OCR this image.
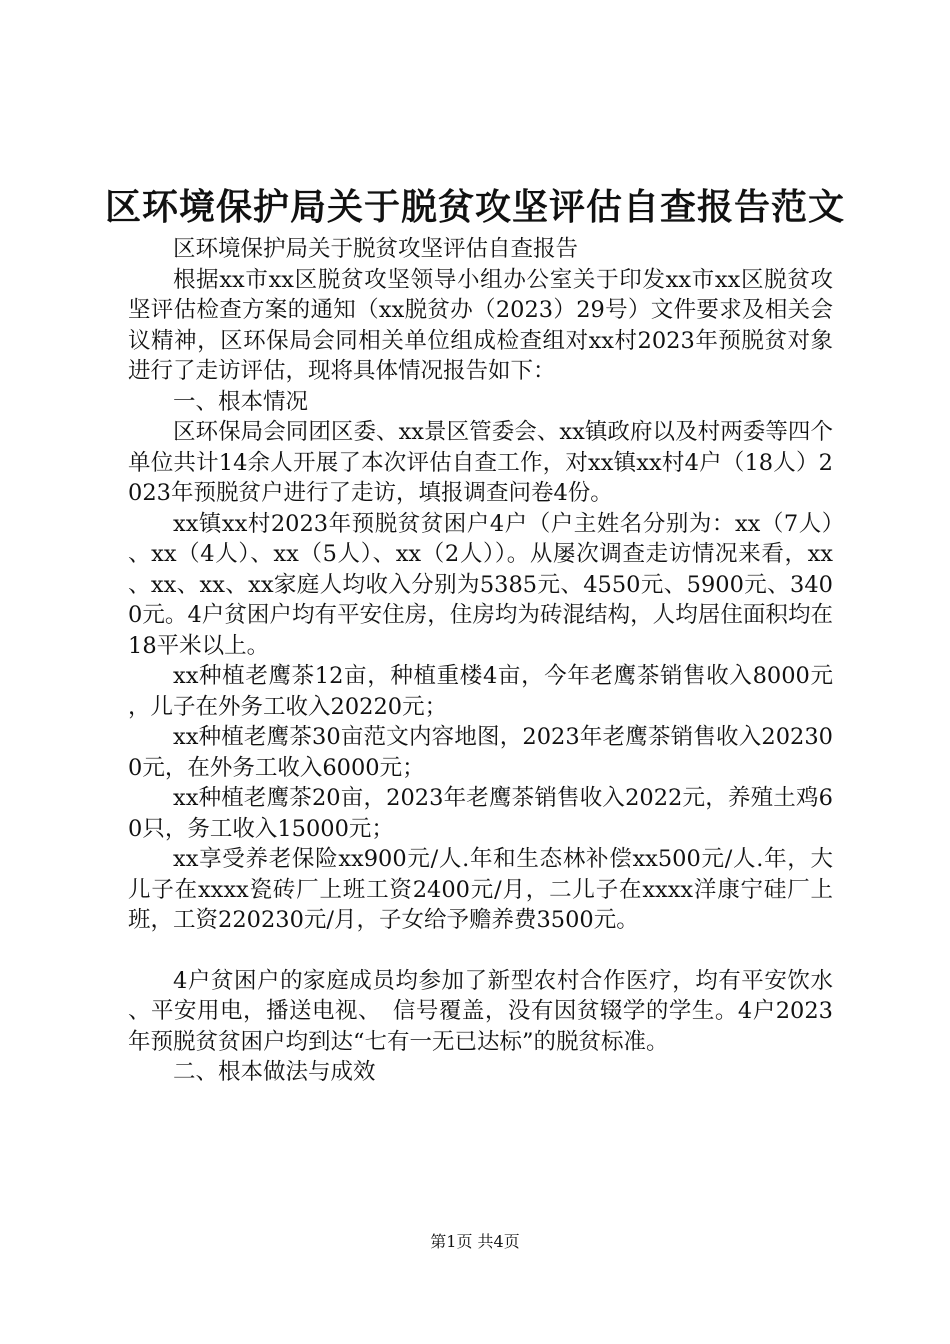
区环境保护局关于脱贫攻坚评估自查报告范文

区环境保护局关于脱贫攻坚评估自查报告

根据xx市xx区脱贫攻坚领导小组办公室关于印发xx市xx区脱贫攻坚评估检查方案的通知（xx脱贫办（2023）29号）文件要求及相关会议精神，区环保局会同相关单位组成检查组对xx村2023年预脱贫对象进行了走访评估，现将具体情况报告如下：

一、根本情况

区环保局会同团区委、xx景区管委会、xx镇政府以及村两委等四个单位共计14余人开展了本次评估自查工作，对xx镇xx村4户（18人）2023年预脱贫户进行了走访，填报调查问卷4份。

xx镇xx村2023年预脱贫贫困户4户（户主姓名分别为：xx（7人）、xx（4人）、xx（5人）、xx（2人））。从屡次调查走访情况来看，xx、xx、xx、xx家庭人均收入分别为5385元、4550元、5900元、3400元。4户贫困户均有平安住房，住房均为砖混结构，人均居住面积均在18平米以上。

xx种植老鹰茶12亩，种植重楼4亩，今年老鹰茶销售收入8000元，儿子在外务工收入20220元；

xx种植老鹰茶30亩范文内容地图，2023年老鹰茶销售收入202300元，在外务工收入6000元；

xx种植老鹰茶20亩，2023年老鹰茶销售收入2022元，养殖土鸡60只，务工收入15000元；

xx享受养老保险xx900元/人.年和生态林补偿xx500元/人.年，大儿子在xxxx瓷砖厂上班工资2400元/月，二儿子在xxxx洋康宁硅厂上班，工资220230元/月，子女给予赡养费3500元。

4户贫困户的家庭成员均参加了新型农村合作医疗，均有平安饮水、平安用电，播送电视、　信号覆盖，没有因贫辍学的学生。4户2023年预脱贫贫困户均到达“七有一无已达标”的脱贫标准。

二、根本做法与成效

第1页 共4页
